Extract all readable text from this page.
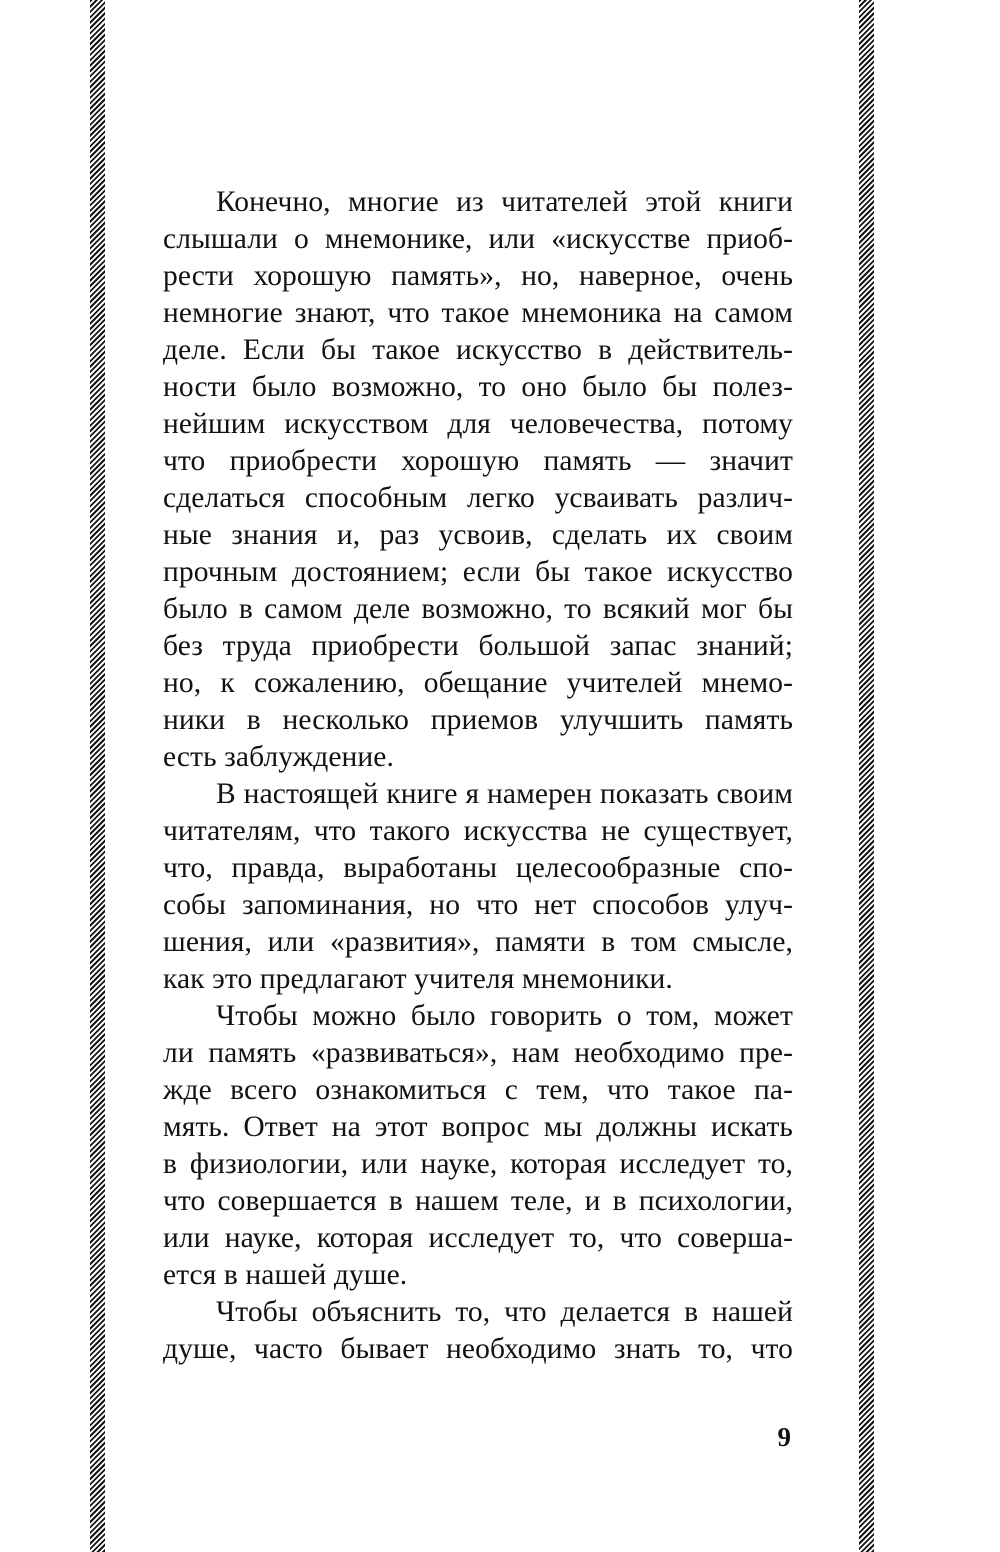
Конечно, многие из читателей этой книги
слышали о мнемонике, или «искусстве приоб-
рести хорошую память», но, наверное, очень
немногие знают, что такое мнемоника на самом
деле. Если бы такое искусство в действитель-
ности было возможно, то оно было бы полез-
нейшим искусством для человечества, потому
что приобрести хорошую память — значит
сделаться способным легко усваивать различ-
ные знания и, раз усвоив, сделать их своим
прочным достоянием; если бы такое искусство
было в самом деле возможно, то всякий мог бы
без труда приобрести большой запас знаний;
но, к сожалению, обещание учителей мнемо-
ники в несколько приемов улучшить память
есть заблуждение.

В настоящей книге я намерен показать своим
читателям, что такого искусства не существует,
что, правда, выработаны целесообразные спо-
собы запоминания, но что нет способов улуч-
шения, или «развития», памяти в том смысле,
как это предлагают учителя мнемоники.

Чтобы можно было говорить о том, может
ли память «развиваться», нам необходимо пре-
жде всего ознакомиться с тем, что такое па-
мять. Ответ на этот вопрос мы должны искать
в физиологии, или науке, которая исследует то,
что совершается в нашем теле, и в психологии,
или науке, которая исследует то, что соверша-
ется в нашей душе.

Чтобы объяснить то, что делается в нашей
душе, часто бывает необходимо знать то, что

9
